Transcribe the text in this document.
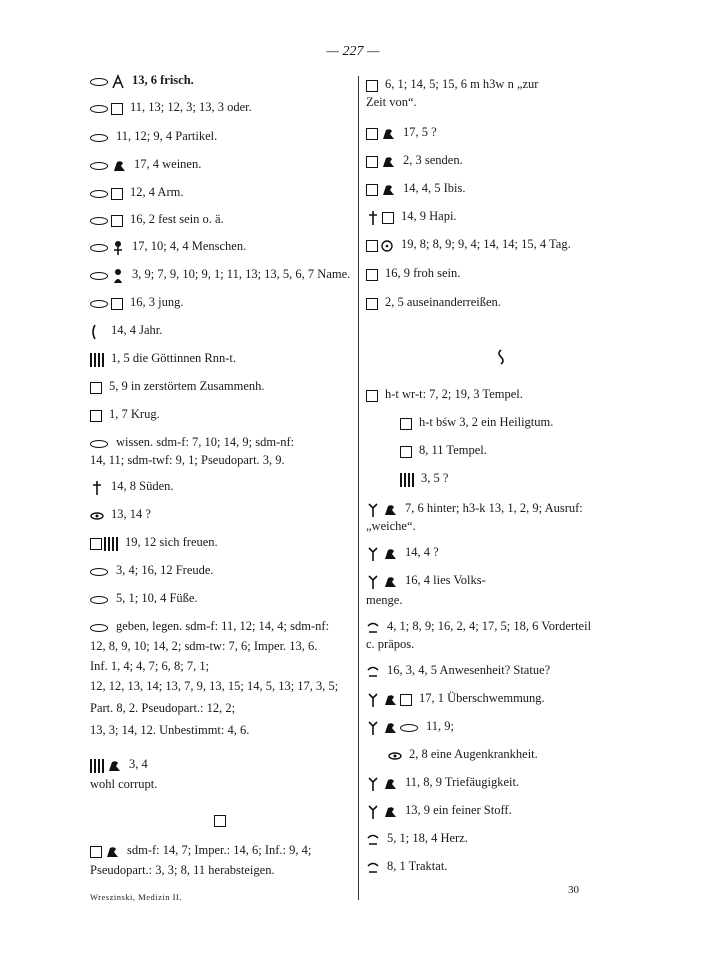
— 227 —
13, 6 frisch.
11, 13; 12, 3; 13, 3 oder.
11, 12; 9, 4 Partikel.
17, 4 weinen.
12, 4 Arm.
16, 2 fest sein o. ä.
17, 10; 4, 4 Menschen.
3, 9; 7, 9, 10; 9, 1; 11, 13; 13, 5, 6, 7 Name.
16, 3 jung.
14, 4 Jahr.
1, 5 die Göttinnen Rnn-t.
5, 9 in zerstörtem Zusammenh.
1, 7 Krug.
wissen. sdm-f: 7, 10; 14, 9; sdm-nf:
14, 11; sdm-twf: 9, 1; Pseudopart. 3, 9.
14, 8 Süden.
13, 14 ?
19, 12 sich freuen.
3, 4; 16, 12 Freude.
5, 1; 10, 4 Füße.
geben, legen. sdm-f: 11, 12; 14, 4; sdm-nf:
12, 8, 9, 10; 14, 2; sdm-tw: 7, 6; Imper. 13, 6.
Inf. 1, 4; 4, 7; 6, 8; 7, 1;
12, 12, 13, 14; 13, 7, 9, 13, 15; 14, 5, 13; 17, 3, 5;
Part. 8, 2. Pseudopart.: 12, 2;
13, 3; 14, 12. Unbestimmt: 4, 6.
3, 4
wohl corrupt.
sdm-f: 14, 7; Imper.: 14, 6; Inf.: 9, 4;
Pseudopart.: 3, 3; 8, 11 herabsteigen.
6, 1; 14, 5; 15, 6 m h3w n „zur
Zeit von“.
17, 5 ?
2, 3 senden.
14, 4, 5 Ibis.
14, 9 Hapi.
19, 8; 8, 9; 9, 4; 14, 14; 15, 4 Tag.
16, 9 froh sein.
2, 5 auseinanderreißen.
h-t wr-t: 7, 2; 19, 3 Tempel.
h-t bśw 3, 2 ein Heiligtum.
8, 11 Tempel.
3, 5 ?
7, 6 hinter; h3-k 13, 1, 2, 9; Ausruf:
„weiche“.
14, 4 ?
16, 4 lies Volks-
menge.
4, 1; 8, 9; 16, 2, 4; 17, 5; 18, 6 Vorderteil
c. präpos.
16, 3, 4, 5 Anwesenheit? Statue?
17, 1 Überschwemmung.
11, 9;
2, 8 eine Augenkrankheit.
11, 8, 9 Triefäugigkeit.
13, 9 ein feiner Stoff.
5, 1; 18, 4 Herz.
8, 1 Traktat.
Wreszinski, Medizin II.
30
